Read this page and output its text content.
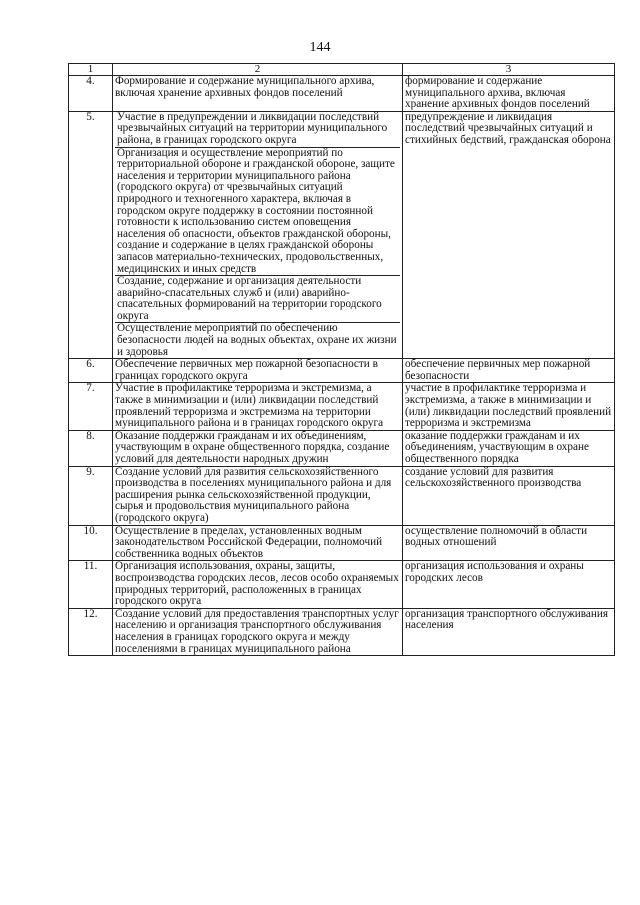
144
1	2	3
4.	Формирование и содержание муниципального архива, включая хранение архивных фондов поселений	формирование и содержание муниципального архива, включая хранение архивных фондов поселений
5.	Участие в предупреждении и ликвидации последствий чрезвычайных ситуаций на территории муниципального района, в границах городского округа
Организация и осуществление мероприятий по территориальной обороне и гражданской обороне, защите населения и территории муниципального района (городского округа) от чрезвычайных ситуаций природного и техногенного характера, включая в городском округе поддержку в состоянии постоянной готовности к использованию систем оповещения населения об опасности, объектов гражданской обороны, создание и содержание в целях гражданской обороны запасов материально-технических, продовольственных, медицинских и иных средств
Создание, содержание и организация деятельности аварийно-спасательных служб и (или) аварийно-спасательных формирований на территории городского округа
Осуществление мероприятий по обеспечению безопасности людей на водных объектах, охране их жизни и здоровья	предупреждение и ликвидация последствий чрезвычайных ситуаций и стихийных бедствий, гражданская оборона
6.	Обеспечение первичных мер пожарной безопасности в границах городского округа	обеспечение первичных мер пожарной безопасности
7.	Участие в профилактике терроризма и экстремизма, а также в минимизации и (или) ликвидации последствий проявлений терроризма и экстремизма на территории муниципального района и в границах городского округа	участие в профилактике терроризма и экстремизма, а также в минимизации и (или) ликвидации последствий проявлений терроризма и экстремизма
8.	Оказание поддержки гражданам и их объединениям, участвующим в охране общественного порядка, создание условий для деятельности народных дружин	оказание поддержки гражданам и их объединениям, участвующим в охране общественного порядка
9.	Создание условий для развития сельскохозяйственного производства в поселениях муниципального района и для расширения рынка сельскохозяйственной продукции, сырья и продовольствия муниципального района (городского округа)	создание условий для развития сельскохозяйственного производства
10.	Осуществление в пределах, установленных водным законодательством Российской Федерации, полномочий собственника водных объектов	осуществление полномочий в области водных отношений
11.	Организация использования, охраны, защиты, воспроизводства городских лесов, лесов особо охраняемых природных территорий, расположенных в границах городского округа	организация использования и охраны городских лесов
12.	Создание условий для предоставления транспортных услуг населению и организация транспортного обслуживания населения в границах городского округа и между поселениями в границах муниципального района	организация транспортного обслуживания населения
